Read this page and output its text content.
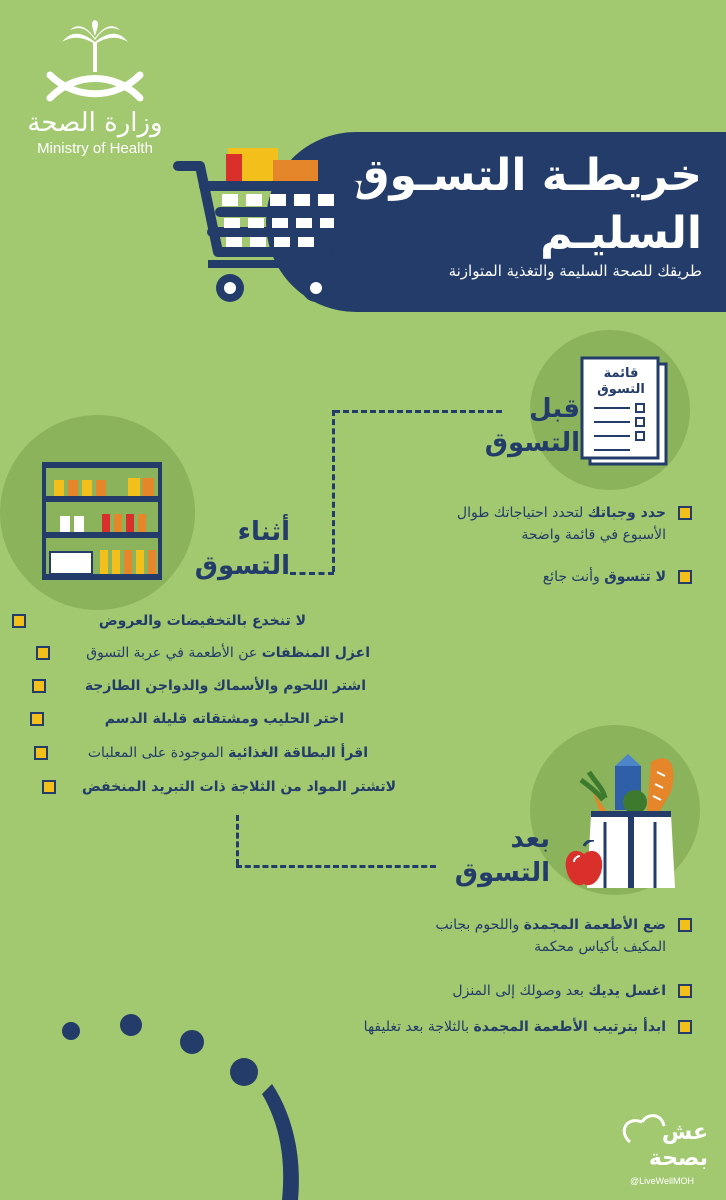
وزارة الصحة
Ministry of Health
خريطـة التسـوق
السليـم
طريقك للصحة السليمة والتغذية المتوازنة
قائمة
التسوق
قبل
التسوق
حدد وجباتك لتحدد احتياجاتك طوال
الأسبوع في قائمة واضحة
لا تتسوق وأنت جائع
أثناء
التسوق
لا تنخدع بالتخفيضات والعروض
اعزل المنظفات عن الأطعمة في عربة التسوق
اشتر اللحوم والأسماك والدواجن الطازجة
اختر الحليب ومشتقاته قليلة الدسم
اقرأ البطاقة الغذائية الموجودة على المعلبات
لاتشتر المواد من الثلاجة ذات التبريد المنخفض
بعد
التسوق
ضع الأطعمة المجمدة واللحوم بجانب
المكيف بأكياس محكمة
اغسل يديك بعد وصولك إلى المنزل
ابدأ بترتيب الأطعمة المجمدة بالثلاجة بعد تغليفها
عش بصحة
@LiveWellMOH
